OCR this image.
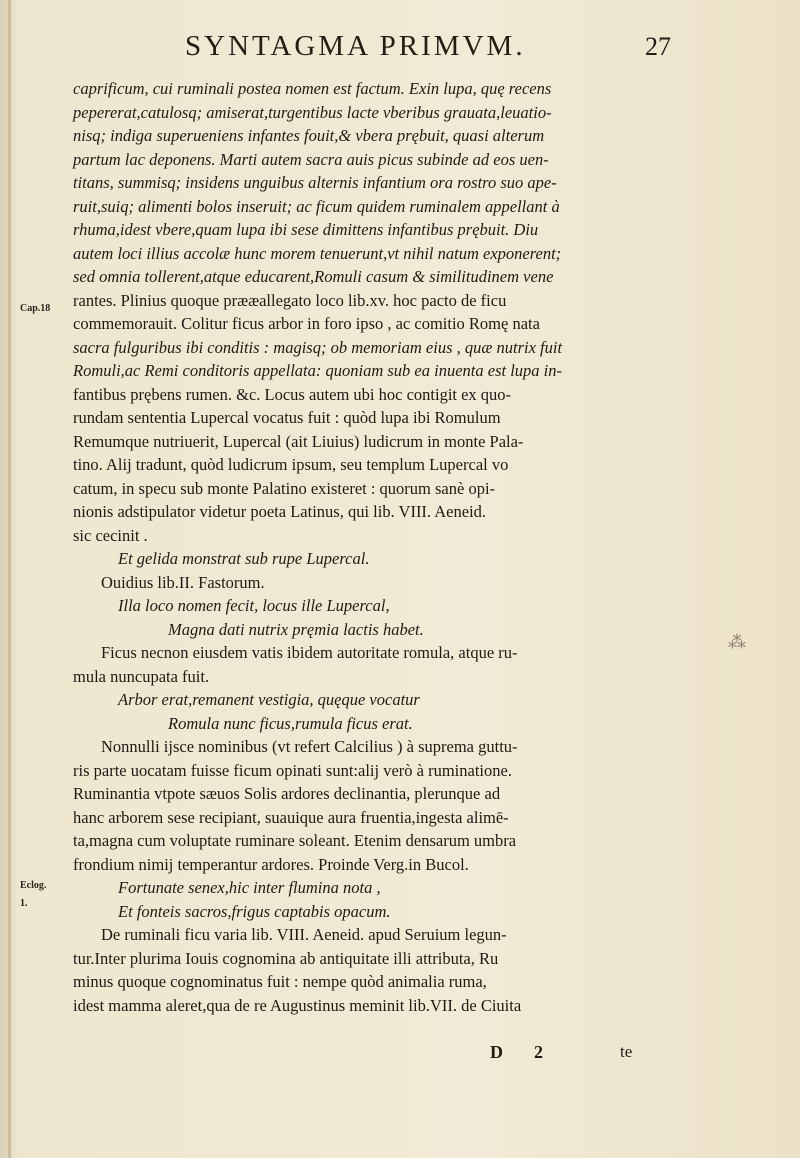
SYNTAGMA PRIMVM.	27
Cap.18
Eclog.
1.
caprificum, cui ruminali postea nomen est factum. Exin lupa, quę recens
pepererat,catulosq; amiserat,turgentibus lacte vberibus grauata,leuatio-
nisq; indiga superueniens infantes fouit,& vbera prębuit, quasi alterum
partum lac deponens. Marti autem sacra auis picus subinde ad eos uen-
titans, summisq; insidens unguibus alternis infantium ora rostro suo ape-
ruit,suiq; alimenti bolos inseruit; ac ficum quidem ruminalem appellant à
rhuma,idest vbere,quam lupa ibi sese dimittens infantibus prębuit. Diu
autem loci illius accolæ hunc morem tenuerunt,vt nihil natum exponerent;
sed omnia tollerent,atque educarent,Romuli casum & similitudinem vene
rantes. Plinius quoque prææallegato loco lib.xv. hoc pacto de ficu
commemorauit. Colitur ficus arbor in foro ipso , ac comitio Romę nata
sacra fulguribus ibi conditis : magisq; ob memoriam eius , quæ nutrix fuit
Romuli,ac Remi conditoris appellata: quoniam sub ea inuenta est lupa in-
fantibus prębens rumen. &c. Locus autem ubi hoc contigit ex quo-
rundam sententia Lupercal vocatus fuit : quòd lupa ibi Romulum
Remumque nutriuerit, Lupercal (ait Liuius) ludicrum in monte Pala-
tino. Alij tradunt, quòd ludicrum ipsum, seu templum Lupercal vo
catum, in specu sub monte Palatino existeret : quorum sanè opi-
nionis adstipulator videtur poeta Latinus, qui lib. VIII. Aeneid.
sic cecinit .
Et gelida monstrat sub rupe Lupercal.
Ouidius lib.II. Fastorum.
Illa loco nomen fecit, locus ille Lupercal,
Magna dati nutrix pręmia lactis habet.
Ficus necnon eiusdem vatis ibidem autoritate romula, atque ru-
mula nuncupata fuit.
Arbor erat,remanent vestigia, quęque vocatur
Romula nunc ficus,rumula ficus erat.
Nonnulli ijsce nominibus (vt refert Calcilius ) à suprema guttu-
ris parte uocatam fuisse ficum opinati sunt:alij verò à ruminatione.
Ruminantia vtpote sæuos Solis ardores declinantia, plerunque ad
hanc arborem sese recipiant, suauique aura fruentia,ingesta alimē-
ta,magna cum voluptate ruminare soleant. Etenim densarum umbra
frondium nimij temperantur ardores. Proinde Verg.in Bucol.
Fortunate senex,hic inter flumina nota ,
Et fonteis sacros,frigus captabis opacum.
De ruminali ficu varia lib. VIII. Aeneid. apud Seruium legun-
tur.Inter plurima Iouis cognomina ab antiquitate illi attributa, Ru
minus quoque cognominatus fuit : nempe quòd animalia ruma,
idest mamma aleret,qua de re Augustinus meminit lib.VII. de Ciuita
⁂
D 2	te
